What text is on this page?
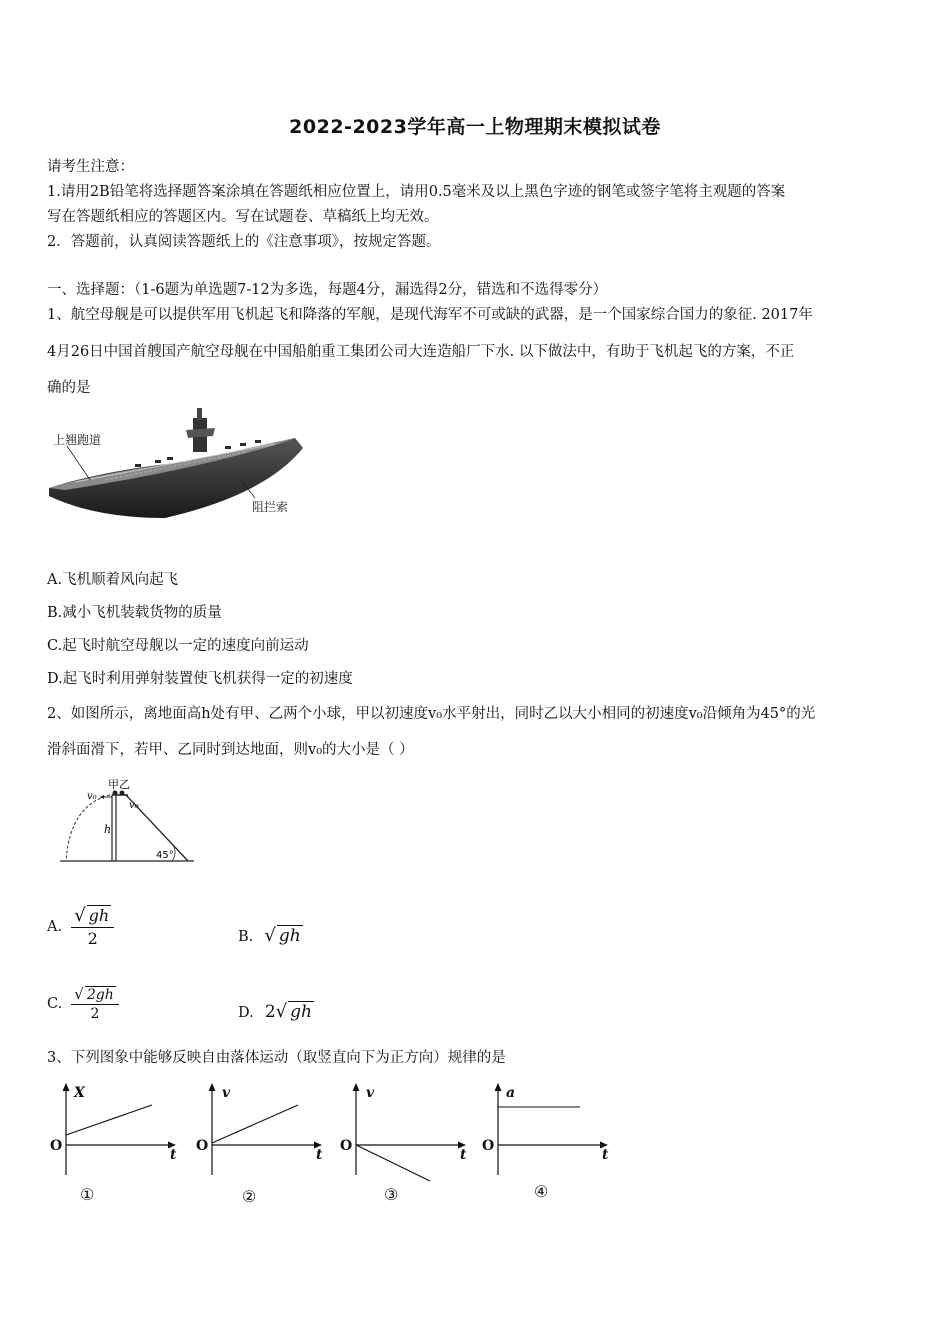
2022-2023学年高一上物理期末模拟试卷
请考生注意：
1.请用2B铅笔将选择题答案涂填在答题纸相应位置上，请用0.5毫米及以上黑色字迹的钢笔或签字笔将主观题的答案
写在答题纸相应的答题区内。写在试题卷、草稿纸上均无效。
2．答题前，认真阅读答题纸上的《注意事项》，按规定答题。
一、选择题：（1-6题为单选题7-12为多选，每题4分，漏选得2分，错选和不选得零分）
1、航空母舰是可以提供军用飞机起飞和降落的军舰，是现代海军不可或缺的武器，是一个国家综合国力的象征. 2017年
4月26日中国首艘国产航空母舰在中国船舶重工集团公司大连造船厂下水. 以下做法中，有助于飞机起飞的方案，不正
确的是
上翘跑道
阻拦索
A.飞机顺着风向起飞
B.减小飞机装载货物的质量
C.起飞时航空母舰以一定的速度向前运动
D.起飞时利用弹射装置使飞机获得一定的初速度
2、如图所示，离地面高h处有甲、乙两个小球，甲以初速度v₀水平射出，同时乙以大小相同的初速度v₀沿倾角为45°的光
滑斜面滑下，若甲、乙同时到达地面，则v₀的大小是（ ）
甲乙
v₀
v₀
h
45°
A. $\frac{√ gh}{2}$	B. √ gh
C. $\frac{√ 2gh}{2}$	D. 2√ gh
3、下列图象中能够反映自由落体运动（取竖直向下为正方向）规律的是
X
O
t
①
v
O
t
②
v
O
t
③
a
O
t
④
